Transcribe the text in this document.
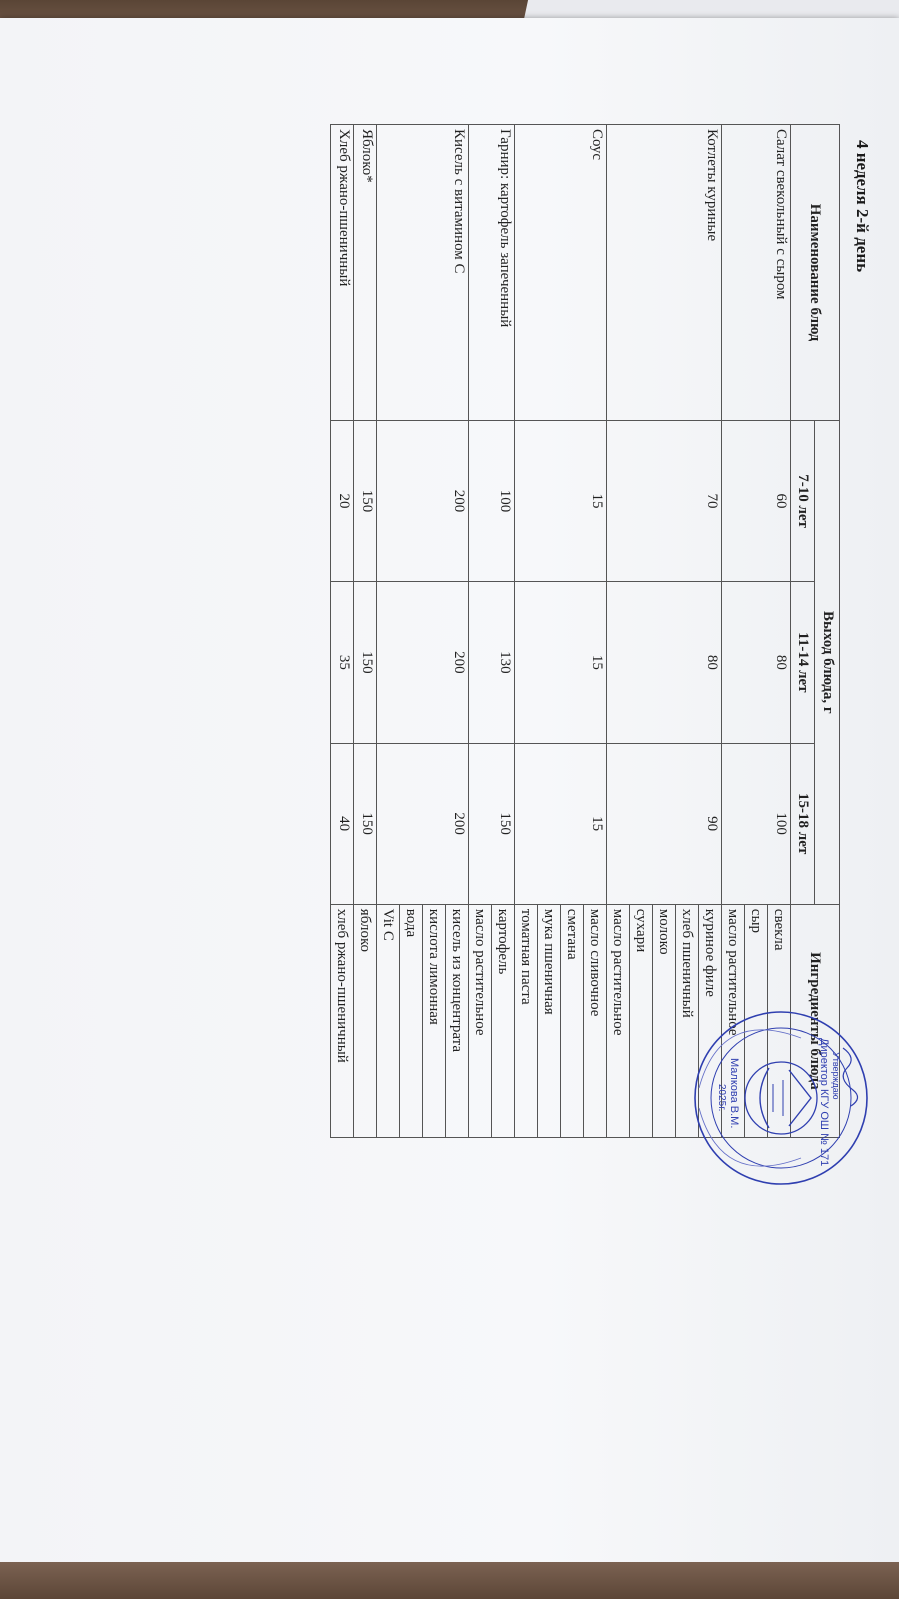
4 неделя 2-й день
Наименование блюд	Выход блюда, г			Ингредиенты блюда
	7-10 лет	11-14 лет	15-18 лет	
Салат свекольный с сыром	60	80	100	свекла
				сыр
				масло растительное
Котлеты куриные	70	80	90	куриное филе
				хлеб пшеничный
				молоко
				сухари
				масло растительное
Соус	15	15	15	масло сливочное
				сметана
				мука пшеничная
				томатная паста
Гарнир: картофель запеченный	100	130	150	картофель
				масло растительное
Кисель с витамином С	200	200	200	кисель из концентрата
				кислота лимонная
				вода
				Vit C
Яблоко*	150	150	150	яблоко
Хлеб ржано-пшеничный	20	35	40	хлеб ржано-пшеничный
Утверждаю
Директор КГУ ОШ № 171
Малкова В.М.
2025г.
